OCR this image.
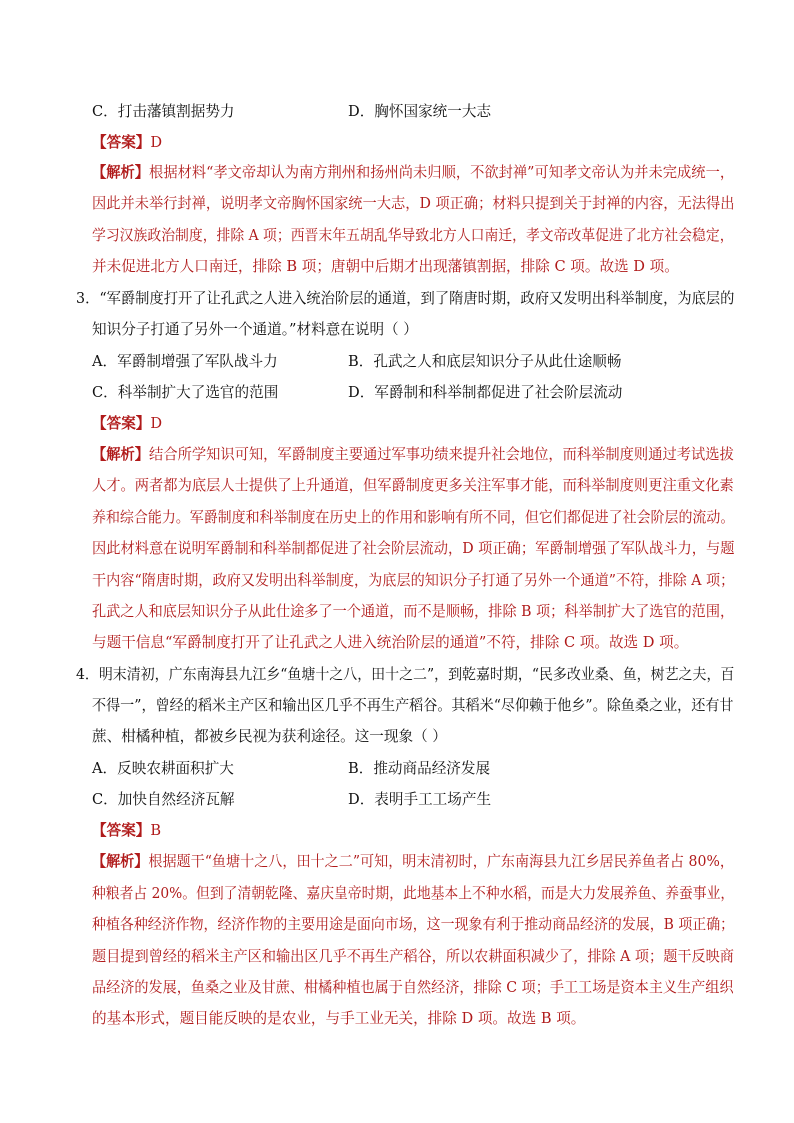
C．打击藩镇割据势力	D．胸怀国家统一大志
【答案】D
【解析】根据材料“孝文帝却认为南方荆州和扬州尚未归顺，不欲封禅”可知孝文帝认为并未完成统一，
因此并未举行封禅，说明孝文帝胸怀国家统一大志，D 项正确；材料只提到关于封禅的内容，无法得出
学习汉族政治制度，排除 A 项；西晋末年五胡乱华导致北方人口南迁，孝文帝改革促进了北方社会稳定，
并未促进北方人口南迁，排除 B 项；唐朝中后期才出现藩镇割据，排除 C 项。故选 D 项。
3．“军爵制度打开了让孔武之人进入统治阶层的通道，到了隋唐时期，政府又发明出科举制度，为底层的
知识分子打通了另外一个通道。”材料意在说明（ ）
A．军爵制增强了军队战斗力	B．孔武之人和底层知识分子从此仕途顺畅
C．科举制扩大了选官的范围	D．军爵制和科举制都促进了社会阶层流动
【答案】D
【解析】结合所学知识可知，军爵制度主要通过军事功绩来提升社会地位，而科举制度则通过考试选拔
人才。两者都为底层人士提供了上升通道，但军爵制度更多关注军事才能，而科举制度则更注重文化素
养和综合能力。军爵制度和科举制度在历史上的作用和影响有所不同，但它们都促进了社会阶层的流动。
因此材料意在说明军爵制和科举制都促进了社会阶层流动，D 项正确；军爵制增强了军队战斗力，与题
干内容“隋唐时期，政府又发明出科举制度，为底层的知识分子打通了另外一个通道”不符，排除 A 项；
孔武之人和底层知识分子从此仕途多了一个通道，而不是顺畅，排除 B 项；科举制扩大了选官的范围，
与题干信息“军爵制度打开了让孔武之人进入统治阶层的通道”不符，排除 C 项。故选 D 项。
4．明末清初，广东南海县九江乡“鱼塘十之八，田十之二”，到乾嘉时期，“民多改业桑、鱼，树艺之夫，百
不得一”，曾经的稻米主产区和输出区几乎不再生产稻谷。其稻米“尽仰赖于他乡”。除鱼桑之业，还有甘
蔗、柑橘种植，都被乡民视为获利途径。这一现象（ ）
A．反映农耕面积扩大	B．推动商品经济发展
C．加快自然经济瓦解	D．表明手工工场产生
【答案】B
【解析】根据题干“鱼塘十之八，田十之二”可知，明末清初时，广东南海县九江乡居民养鱼者占 80%，
种粮者占 20%。但到了清朝乾隆、嘉庆皇帝时期，此地基本上不种水稻，而是大力发展养鱼、养蚕事业，
种植各种经济作物，经济作物的主要用途是面向市场，这一现象有利于推动商品经济的发展，B 项正确；
题目提到曾经的稻米主产区和输出区几乎不再生产稻谷，所以农耕面积减少了，排除 A 项；题干反映商
品经济的发展，鱼桑之业及甘蔗、柑橘种植也属于自然经济，排除 C 项；手工工场是资本主义生产组织
的基本形式，题目能反映的是农业，与手工业无关，排除 D 项。故选 B 项。
